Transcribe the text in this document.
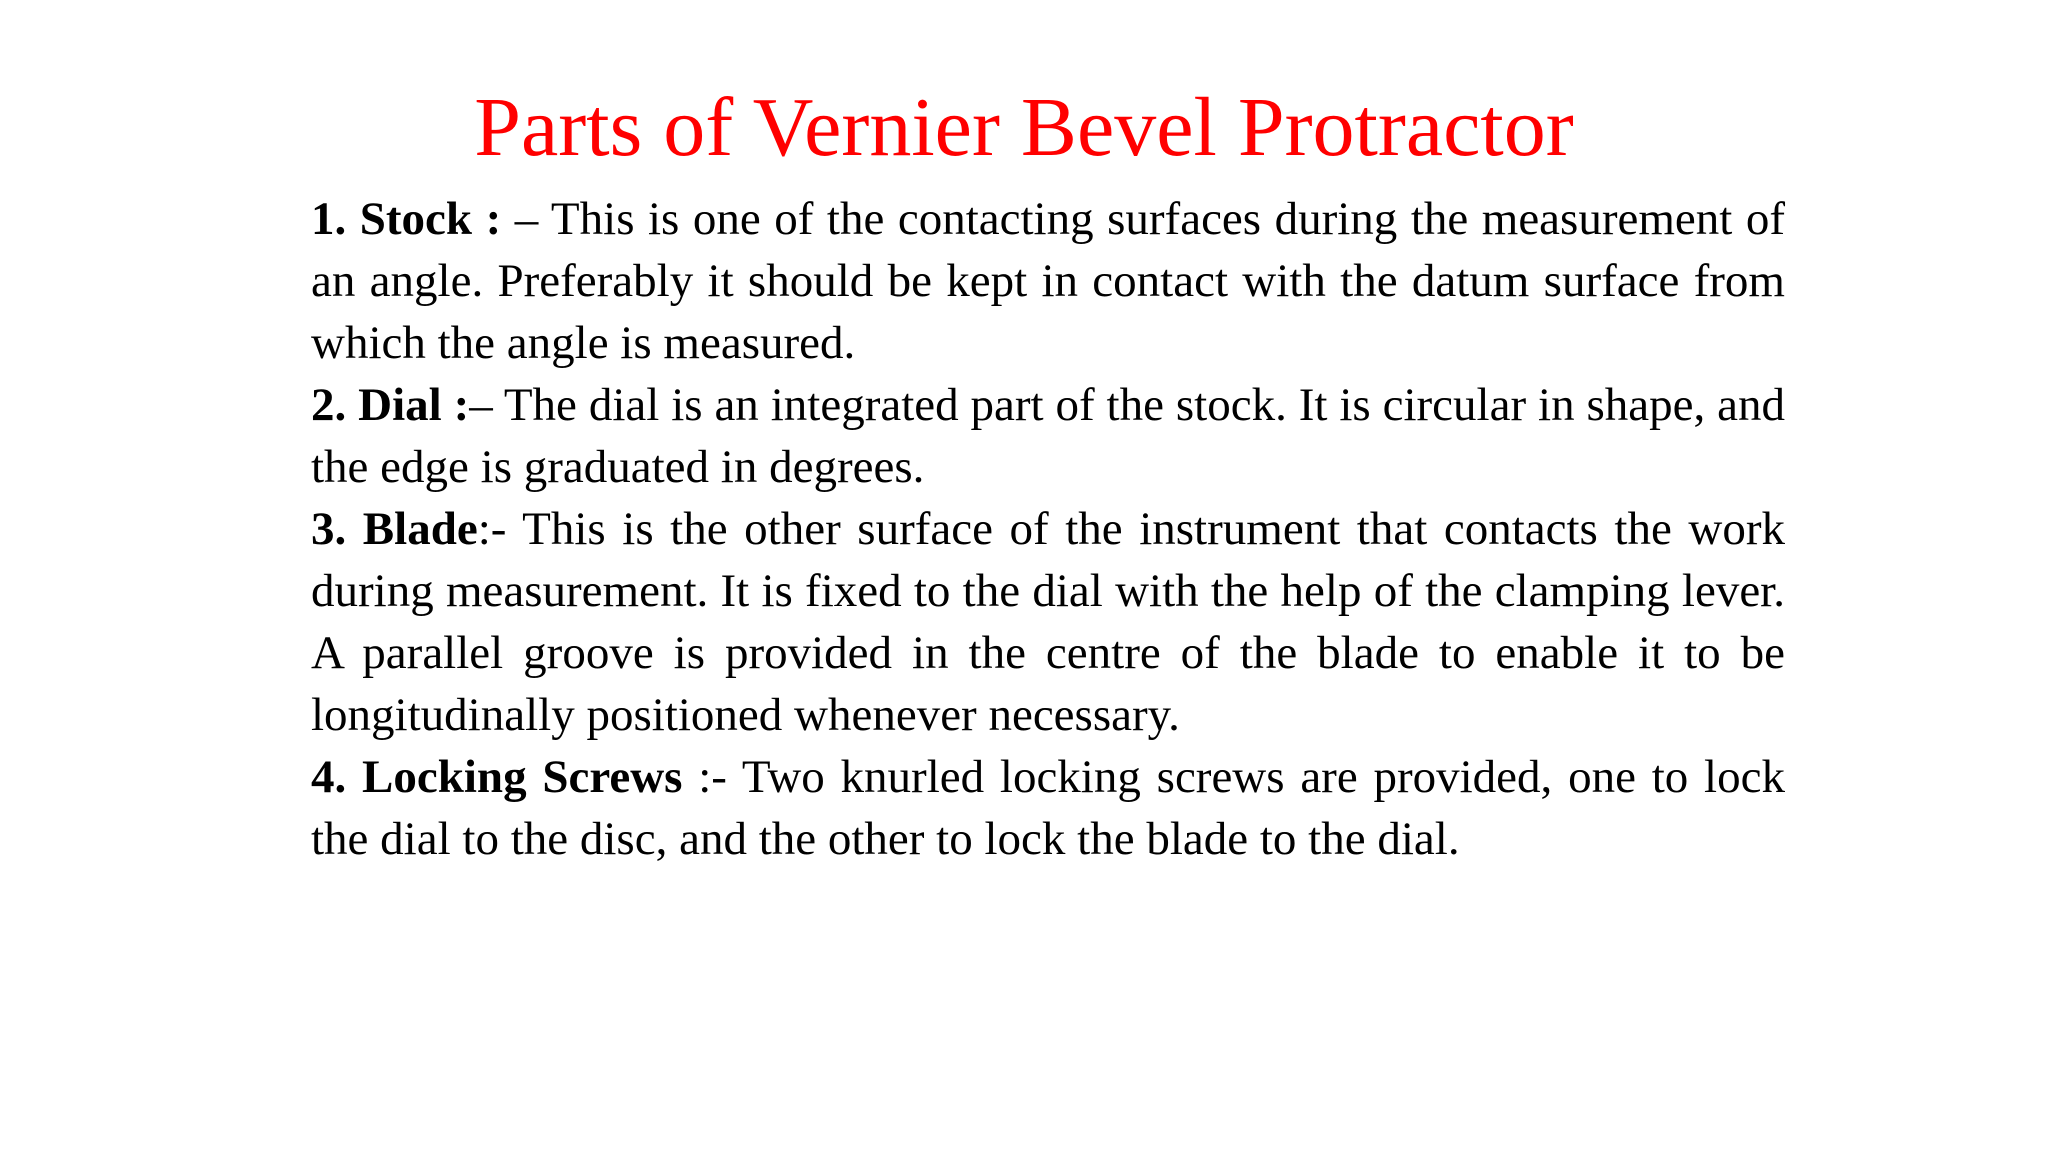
Parts of Vernier Bevel Protractor

1. Stock : – This is one of the contacting surfaces during the measurement of an angle. Preferably it should be kept in contact with the datum surface from which the angle is measured.

2. Dial :– The dial is an integrated part of the stock. It is circular in shape, and the edge is graduated in degrees.

3. Blade:- This is the other surface of the instrument that contacts the work during measurement. It is fixed to the dial with the help of the clamping lever. A parallel groove is provided in the centre of the blade to enable it to be longitudinally positioned whenever necessary.

4. Locking Screws :- Two knurled locking screws are provided, one to lock the dial to the disc, and the other to lock the blade to the dial.
